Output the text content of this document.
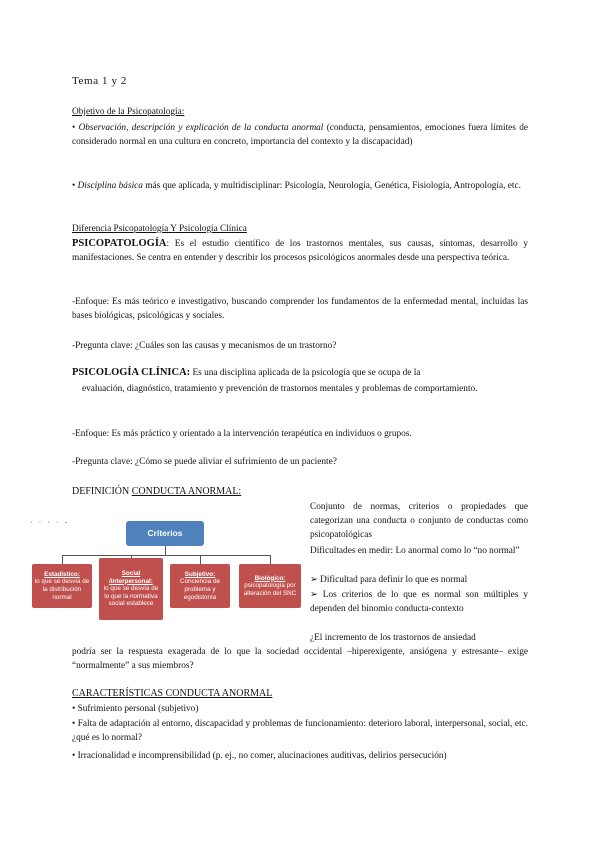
Tema 1 y 2
Objetivo de la Psicopatología:
• Observación, descripción y explicación de la conducta anormal (conducta, pensamientos, emociones fuera límites de considerado normal en una cultura en concreto, importancia del contexto y la discapacidad)
• Disciplina básica más que aplicada, y multidisciplinar: Psicología, Neurología, Genética, Fisiología, Antropología, etc.
Diferencia Psicopatología Y Psicología Clínica
PSICOPATOLOGÍA: Es el estudio científico de los trastornos mentales, sus causas, síntomas, desarrollo y manifestaciones. Se centra en entender y describir los procesos psicológicos anormales desde una perspectiva teórica.
-Enfoque: Es más teórico e investigativo, buscando comprender los fundamentos de la enfermedad mental, incluidas las bases biológicas, psicológicas y sociales.
-Pregunta clave: ¿Cuáles son las causas y mecanismos de un trastorno?
PSICOLOGÍA CLÍNICA: Es una disciplina aplicada de la psicología que se ocupa de la
evaluación, diagnóstico, tratamiento y prevención de trastornos mentales y problemas de comportamiento.
-Enfoque: Es más práctico y orientado a la intervención terapéutica en individuos o grupos.
-Pregunta clave: ¿Cómo se puede aliviar el sufrimiento de un paciente?
DEFINICIÓN CONDUCTA ANORMAL:
Conjunto de normas, criterios o propiedades que categorizan una conducta o conjunto de conductas como psicopatológicas
Dificultades en medir: Lo anormal como lo “no normal”
➢ Dificultad para definir lo que es normal
➢ Los criterios de lo que es normal son múltiples y dependen del binomio conducta-contexto
¿El incremento de los trastornos de ansiedad
podría ser la respuesta exagerada de lo que la sociedad occidental –hiperexigente, ansiógena y estresante– exige “normalmente” a sus miembros?
CARACTERÍSTICAS CONDUCTA ANORMAL
• Sufrimiento personal (subjetivo)
• Falta de adaptación al entorno, discapacidad y problemas de funcionamiento: deterioro laboral, interpersonal, social, etc. ¿qué es lo normal?
• Irracionalidad e incomprensibilidad (p. ej., no comer, alucinaciones auditivas, delirios persecución)
· · · · -
Criterios
Estadístico:
lo que se desvía de la distribución normal
Social /interpersonal:
lo que se desvía de lo que la normativa social establece
Subjetivo:
Conciencia de problema y egodistonía
Biológico:
psicopatología por alteración del SNC
